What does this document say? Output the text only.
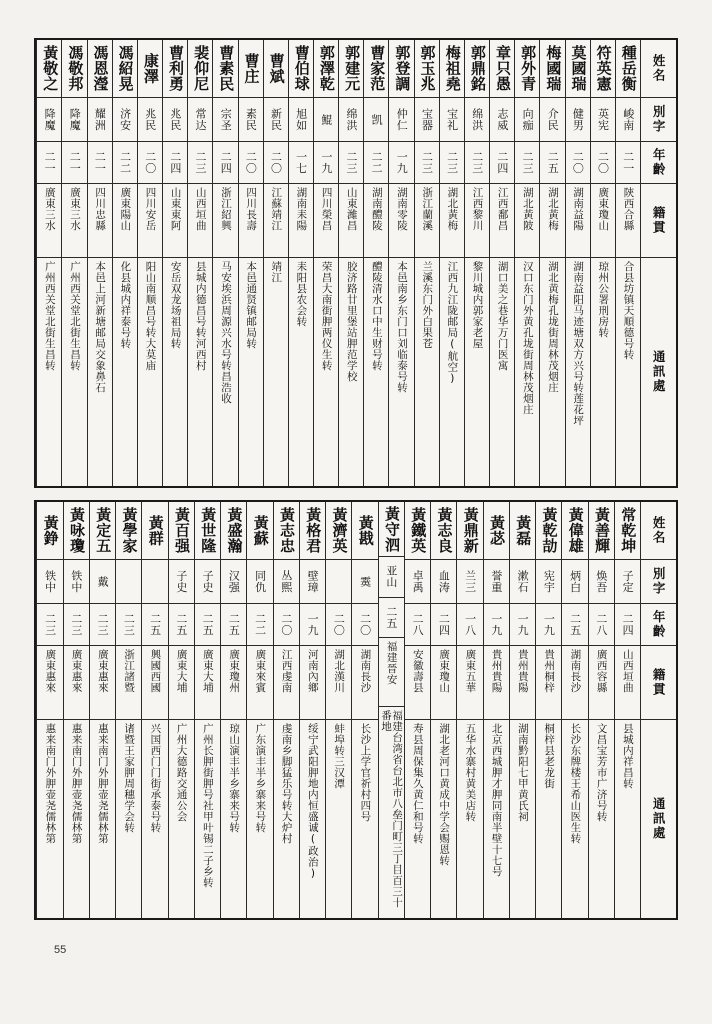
姓名
別字
年齡
籍貫
通訊處
種岳衡
峻南
二一
陝西合縣
合县坊镇天順德号转
符英憲
英宪
二〇
廣東瓊山
琼州公署刑房转
莫國瑞
健男
二〇
湖南益陽
湖南益阳马迹塘双方兴号转莲花坪
梅國瑞
介民
二五
湖北黃梅
湖北黄梅孔垅街周林茂烟庄
郭外青
向痂
二三
湖北黃陂
汉口东门外黄孔垅街周林茂烟庄
章只愚
志威
二四
江西鄱昌
湖口美之巷华万门医寓
郭鼎銘
绵洪
二三
江西黎川
黎川城内郭家老屋
梅祖堯
宝礼
二三
湖北黃梅
江西九江陇邮局(航空)
郭玉兆
宝器
二三
浙江蘭溪
兰溪东门外白果苍
郭登調
仲仁
一九
湖南零陵
本邑南乡东门口刘临泰号转
曹家范
凯
二二
湖南醴陵
醴陵清水口中生财号转
郭建元
绵洪
二三
山東濰昌
胶济路廿里堡站胛范学校
郭澤乾
鯤
一九
四川榮昌
荣昌大南街胛两仪生转
曹伯球
旭如
一七
湖南耒陽
耒阳县农会转
曹斌
新民
二〇
江蘇靖江
靖江
曹庄
素民
二〇
四川長壽
本邑通贤镇邮局转
曹素民
宗圣
二四
浙江紹興
马安埃浜周源兴水号转昌浩收
裴仰尼
常达
二三
山西垣曲
县城内德昌号转河西村
曹利勇
兆民
二四
山東東阿
安岳双龙场祖局转
康澤
兆民
二〇
四川安岳
阳山南顺昌号转大莫庙
馮紹晃
济安
二二
廣東陽山
化县城内祥泰号转
馮恩瀅
耀洲
二一
四川忠縣
本邑上河新塘邮局交象鼻石
馮敬邦
降魔
二一
廣東三水
广州西关堂北街生昌转
黃敬之
降魔
二一
廣東三水
广州西关堂北街生昌转
姓名
別字
年齡
籍貫
通訊處
常乾坤
子定
二四
山西垣曲
县城内祥昌转
黃善輝
焕吾
二八
廣西容縣
文昌宝芳市广济号转
黃偉雄
炳白
二五
湖南長沙
长沙东牌楼王希山医生转
黃乾劼
宪宇
一九
貴州桐梓
桐梓县老龙街
黃磊
漱石
一九
貴州貴陽
湖南黔阳七甲黄氏祠
黃苾
誉重
一九
貴州貴陽
北京西城胛才胛同南半壁十七号
黃鼎新
兰三
一八
廣東五華
五华水寨村黄美店转
黃志良
血涛
二四
廣東瓊山
湖北老河口黄成中学会赐恩转
黃鐵英
卓禹
二八
安徽壽县
寿县周保集久黄仁和号转
黃守泗
亚山
二五
福建晉安
福建台湾省台北市八垒门町三丁目百三十番地
黃戡
霙
二〇
湖南長沙
长沙上学官祈村四号
黃濟英
二〇
湖北漢川
蚌埠转三汉潭
黃格君
壁璋
一九
河南內鄉
绥宁武阳胛地内恒盛诚(政治)
黃志忠
丛熙
二〇
江西虔南
虔南乡脚猛乐号转大炉村
黃蘇
同仇
二二
廣東來賓
广东演丰半乡寨来号转
黃盛瀚
汉强
二五
廣東瓊州
琼山演丰半乡寨来号转
黃世隆
子史
二五
廣東大埔
广州长胛街胛号社甲叶锡二子乡转
黃百强
子史
二五
廣東大埔
广州大德路交通公会
黃群
二五
興國西國
兴国西门门街承泰号转
黃學家
二三
浙江諸暨
诸暨王家胛周穗学会转
黃定五
戴
二三
廣東惠來
惠来南门外胛壶尧儒林第
黃咏瓊
铁中
二三
廣東惠來
惠来南门外胛壶尧儒林第
黃錚
铁中
二三
廣東惠來
惠来南门外胛壶尧儒林第
55
